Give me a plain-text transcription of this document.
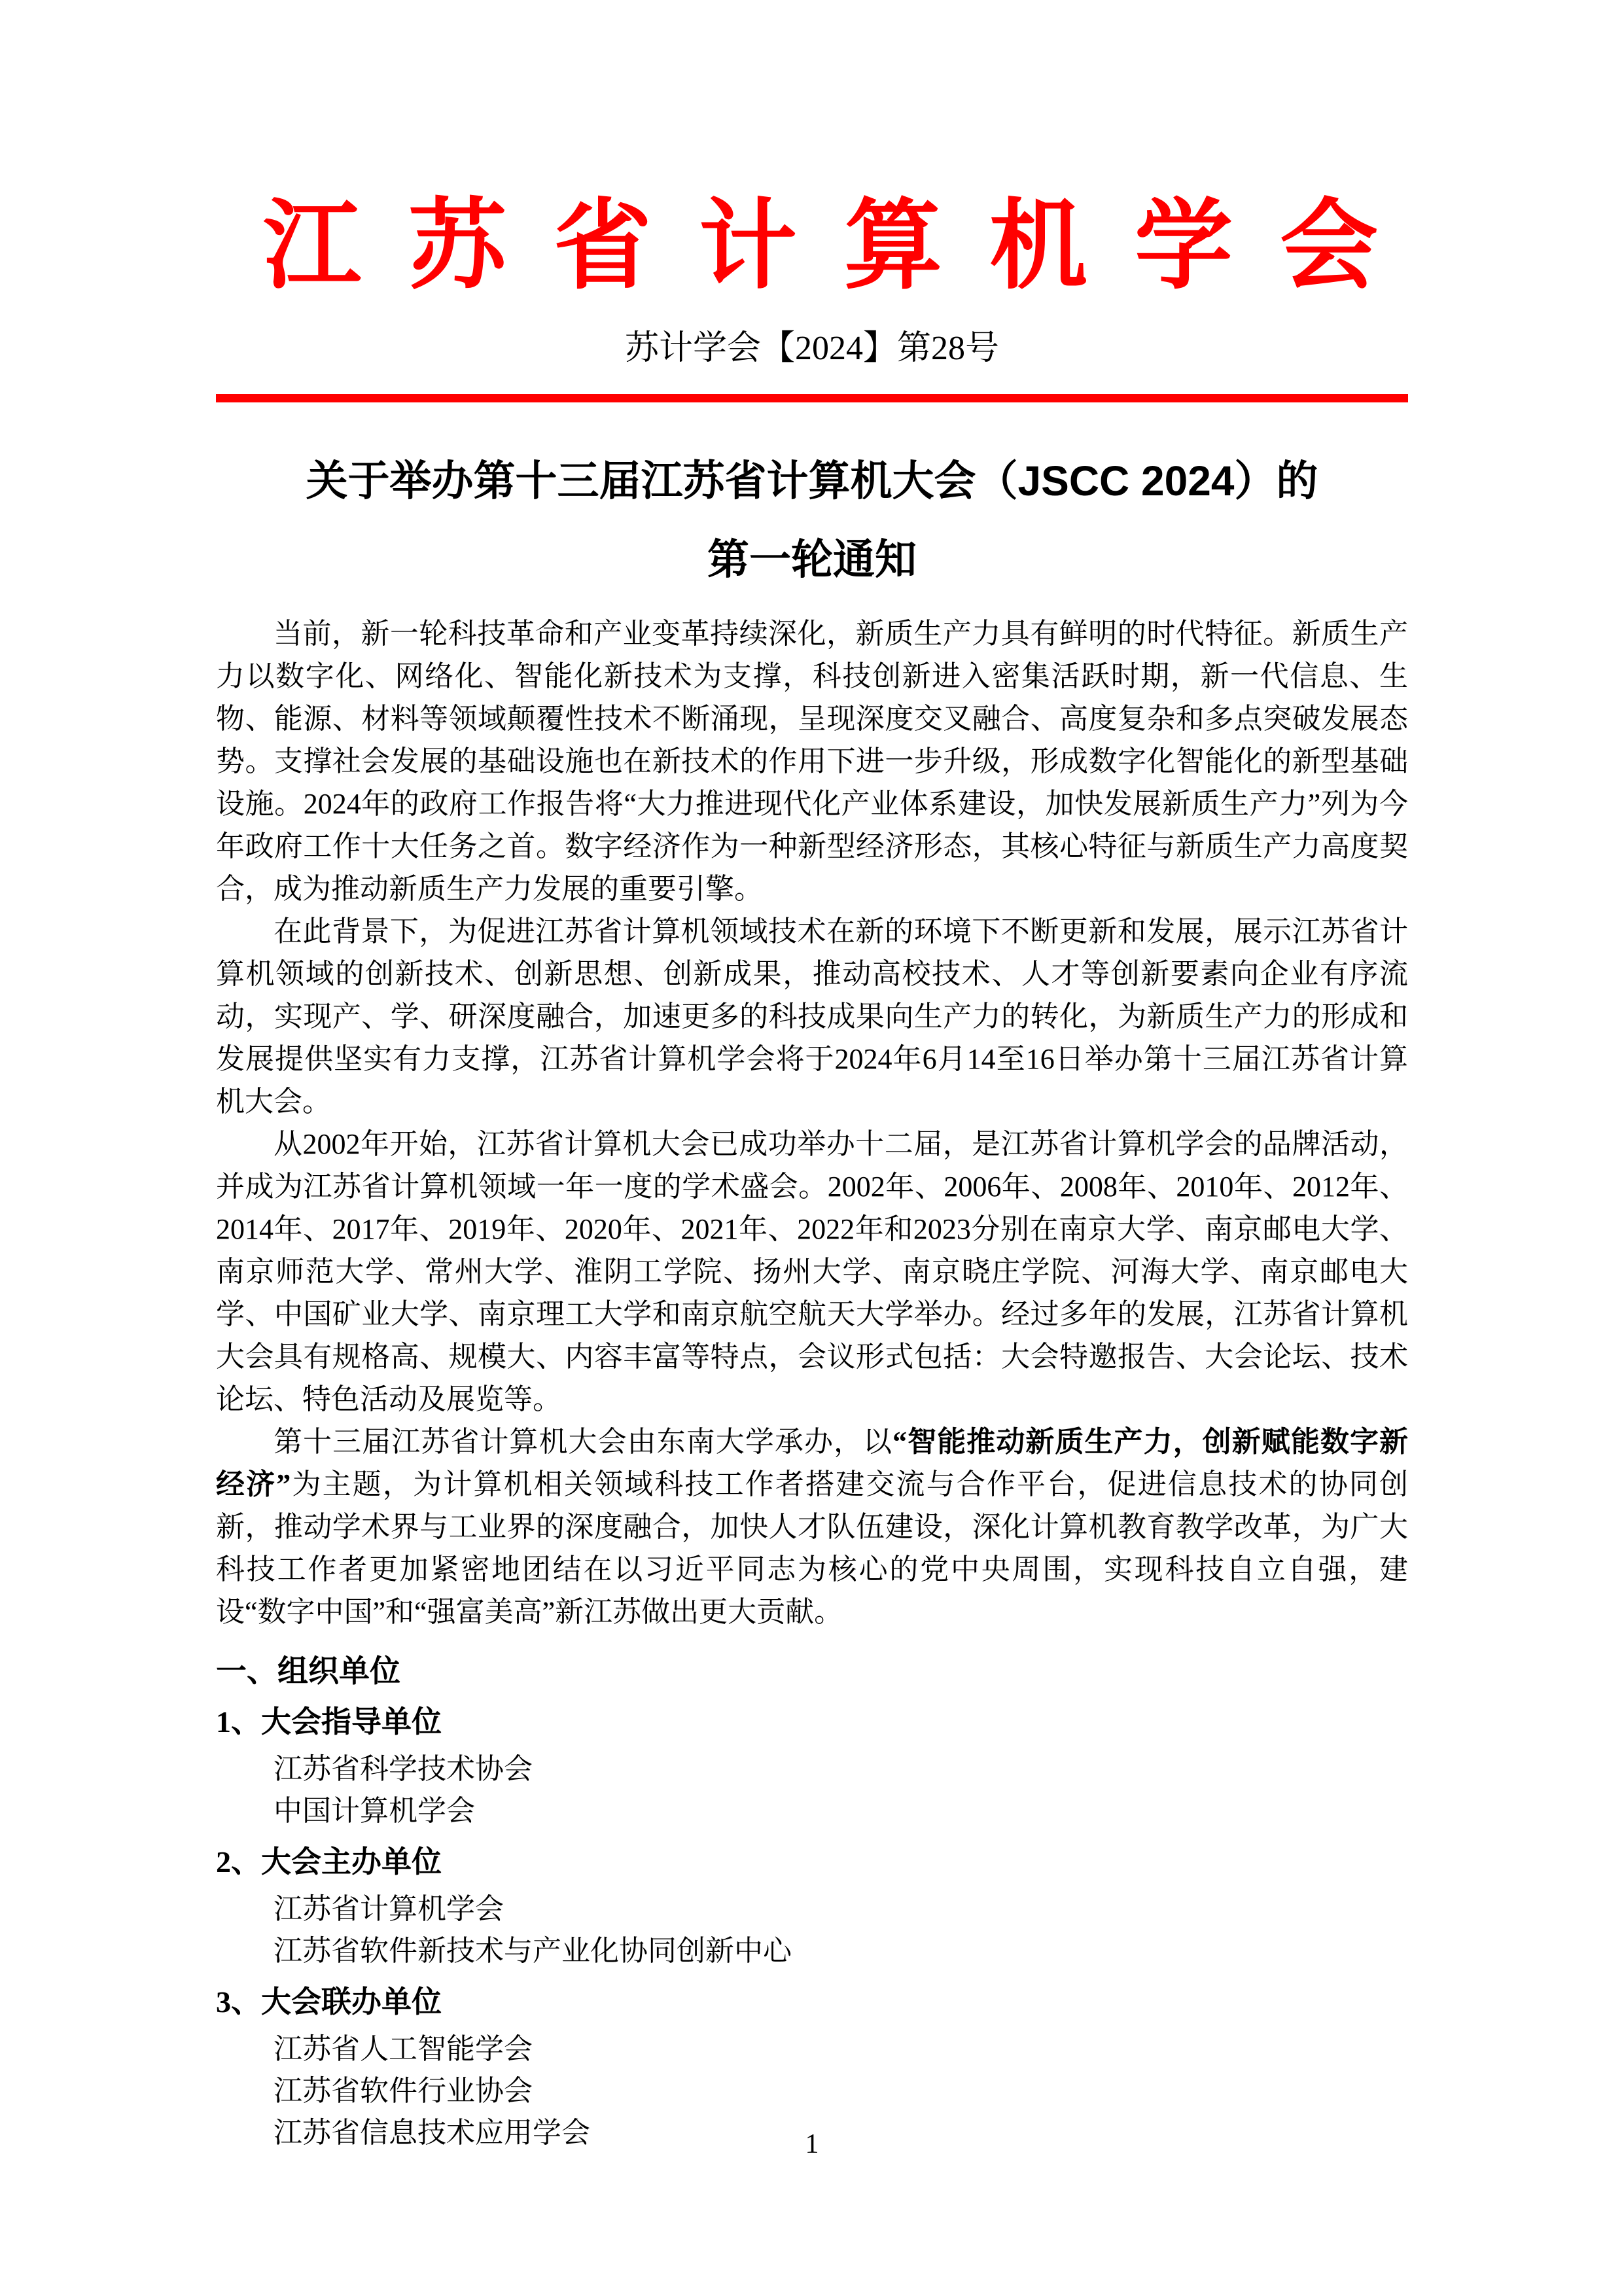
江苏省计算机学会
苏计学会【2024】第28号
关于举办第十三届江苏省计算机大会（JSCC 2024）的
第一轮通知

当前，新一轮科技革命和产业变革持续深化，新质生产力具有鲜明的时代特征。新质生产力以数字化、网络化、智能化新技术为支撑，科技创新进入密集活跃时期，新一代信息、生物、能源、材料等领域颠覆性技术不断涌现，呈现深度交叉融合、高度复杂和多点突破发展态势。支撑社会发展的基础设施也在新技术的作用下进一步升级，形成数字化智能化的新型基础设施。2024年的政府工作报告将“大力推进现代化产业体系建设，加快发展新质生产力”列为今年政府工作十大任务之首。数字经济作为一种新型经济形态，其核心特征与新质生产力高度契合，成为推动新质生产力发展的重要引擎。

在此背景下，为促进江苏省计算机领域技术在新的环境下不断更新和发展，展示江苏省计算机领域的创新技术、创新思想、创新成果，推动高校技术、人才等创新要素向企业有序流动，实现产、学、研深度融合，加速更多的科技成果向生产力的转化，为新质生产力的形成和发展提供坚实有力支撑，江苏省计算机学会将于2024年6月14至16日举办第十三届江苏省计算机大会。

从2002年开始，江苏省计算机大会已成功举办十二届，是江苏省计算机学会的品牌活动，并成为江苏省计算机领域一年一度的学术盛会。2002年、2006年、2008年、2010年、2012年、2014年、2017年、2019年、2020年、2021年、2022年和2023分别在南京大学、南京邮电大学、南京师范大学、常州大学、淮阴工学院、扬州大学、南京晓庄学院、河海大学、南京邮电大学、中国矿业大学、南京理工大学和南京航空航天大学举办。经过多年的发展，江苏省计算机大会具有规格高、规模大、内容丰富等特点，会议形式包括：大会特邀报告、大会论坛、技术论坛、特色活动及展览等。

第十三届江苏省计算机大会由东南大学承办，以“智能推动新质生产力，创新赋能数字新经济”为主题，为计算机相关领域科技工作者搭建交流与合作平台，促进信息技术的协同创新，推动学术界与工业界的深度融合，加快人才队伍建设，深化计算机教育教学改革，为广大科技工作者更加紧密地团结在以习近平同志为核心的党中央周围，实现科技自立自强，建设“数字中国”和“强富美高”新江苏做出更大贡献。

一、组织单位
1、大会指导单位
江苏省科学技术协会
中国计算机学会
2、大会主办单位
江苏省计算机学会
江苏省软件新技术与产业化协同创新中心
3、大会联办单位
江苏省人工智能学会
江苏省软件行业协会
江苏省信息技术应用学会	1
